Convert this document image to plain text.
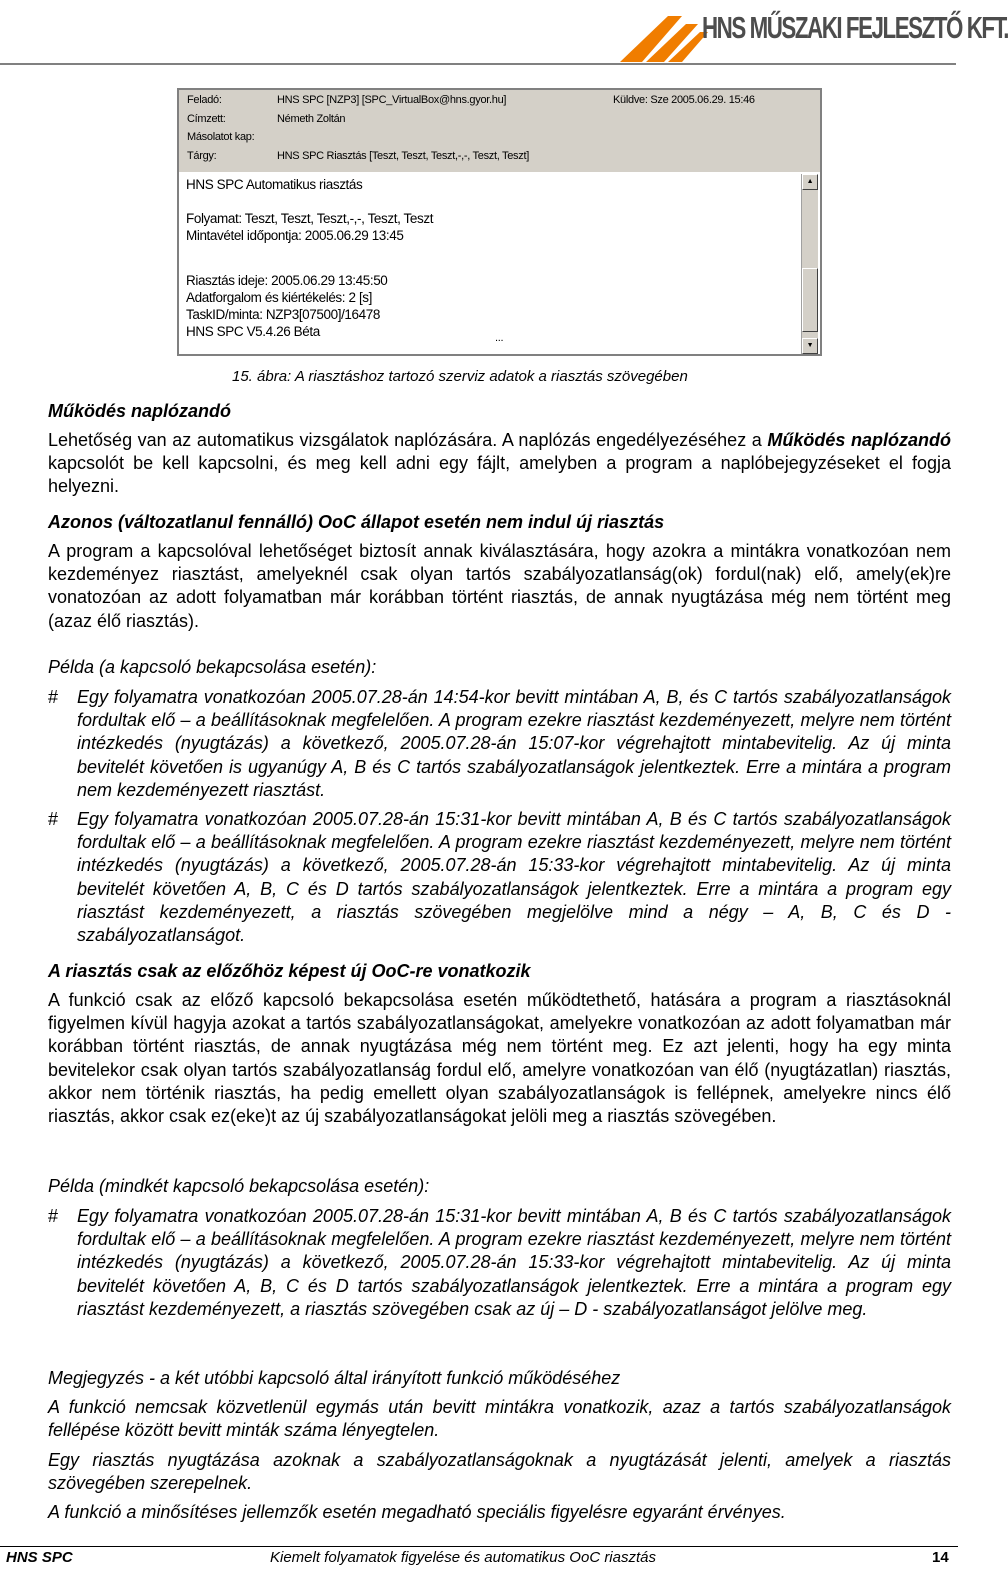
HNS MŰSZAKI FEJLESZTŐ KFT.
Feladó:	HNS SPC [NZP3] [SPC_VirtualBox@hns.gyor.hu]	Küldve: Sze 2005.06.29. 15:46
Címzett:	Németh Zoltán
Másolatot kap:
Tárgy:	HNS SPC Riasztás [Teszt, Teszt, Teszt,-,-, Teszt, Teszt]
HNS SPC Automatikus riasztás
Folyamat: Teszt, Teszt, Teszt,-,-, Teszt, Teszt
Mintavétel időpontja: 2005.06.29 13:45
...
Riasztás ideje: 2005.06.29 13:45:50
Adatforgalom és kiértékelés: 2 [s]
TaskID/minta: NZP3[07500]/16478
HNS SPC V5.4.26 Béta
▲
▼
15. ábra: A riasztáshoz tartozó szerviz adatok a riasztás szövegében
Működés naplózandó

Lehetőség van az automatikus vizsgálatok naplózására. A naplózás engedélyezéséhez a Működés naplózandó kapcsolót be kell kapcsolni, és meg kell adni egy fájlt, amelyben a program a naplóbejegyzéseket el fogja helyezni.

Azonos (változatlanul fennálló) OoC állapot esetén nem indul új riasztás

A program a kapcsolóval lehetőséget biztosít annak kiválasztására, hogy azokra a mintákra vonatkozóan nem kezdeményez riasztást, amelyeknél csak olyan tartós szabályozatlanság(ok) fordul(nak) elő, amely(ek)re vonatozóan az adott folyamatban már korábban történt riasztás, de annak nyugtázása még nem történt meg (azaz élő riasztás).

Példa (a kapcsoló bekapcsolása esetén):

# Egy folyamatra vonatkozóan 2005.07.28-án 14:54-kor bevitt mintában A, B, és C tartós szabályozatlanságok fordultak elő – a beállításoknak megfelelően. A program ezekre riasztást kezdeményezett, melyre nem történt intézkedés (nyugtázás) a következő, 2005.07.28-án 15:07-kor végrehajtott mintabevitelig. Az új minta bevitelét követően is ugyanúgy A, B és C tartós szabályozatlanságok jelentkeztek. Erre a mintára a program nem kezdeményezett riasztást.

# Egy folyamatra vonatkozóan 2005.07.28-án 15:31-kor bevitt mintában A, B és C tartós szabályozatlanságok fordultak elő – a beállításoknak megfelelően. A program ezekre riasztást kezdeményezett, melyre nem történt intézkedés (nyugtázás) a következő, 2005.07.28-án 15:33-kor végrehajtott mintabevitelig. Az új minta bevitelét követően A, B, C és D tartós szabályozatlanságok jelentkeztek. Erre a mintára a program egy riasztást kezdeményezett, a riasztás szövegében megjelölve mind a négy – A, B, C és D - szabályozatlanságot.

A riasztás csak az előzőhöz képest új OoC-re vonatkozik

A funkció csak az előző kapcsoló bekapcsolása esetén működtethető, hatására a program a riasztásoknál figyelmen kívül hagyja azokat a tartós szabályozatlanságokat, amelyekre vonatkozóan az adott folyamatban már korábban történt riasztás, de annak nyugtázása még nem történt meg. Ez azt jelenti, hogy ha egy minta bevitelekor csak olyan tartós szabályozatlanság fordul elő, amelyre vonatkozóan van élő (nyugtázatlan) riasztás, akkor nem történik riasztás, ha pedig emellett olyan szabályozatlanságok is fellépnek, amelyekre nincs élő riasztás, akkor csak ez(eke)t az új szabályozatlanságokat jelöli meg a riasztás szövegében.

Példa (mindkét kapcsoló bekapcsolása esetén):

# Egy folyamatra vonatkozóan 2005.07.28-án 15:31-kor bevitt mintában A, B és C tartós szabályozatlanságok fordultak elő – a beállításoknak megfelelően. A program ezekre riasztást kezdeményezett, melyre nem történt intézkedés (nyugtázás) a következő, 2005.07.28-án 15:33-kor végrehajtott mintabevitelig. Az új minta bevitelét követően A, B, C és D tartós szabályozatlanságok jelentkeztek. Erre a mintára a program egy riasztást kezdeményezett, a riasztás szövegében csak az új – D - szabályozatlanságot jelölve meg.

Megjegyzés - a két utóbbi kapcsoló által irányított funkció működéséhez

A funkció nemcsak közvetlenül egymás után bevitt mintákra vonatkozik, azaz a tartós szabályozatlanságok fellépése között bevitt minták száma lényegtelen.

Egy riasztás nyugtázása azoknak a szabályozatlanságoknak a nyugtázását jelenti, amelyek a riasztás szövegében szerepelnek.

A funkció a minősítéses jellemzők esetén megadható speciális figyelésre egyaránt érvényes.

HNS SPC	Kiemelt folyamatok figyelése és automatikus OoC riasztás	14
